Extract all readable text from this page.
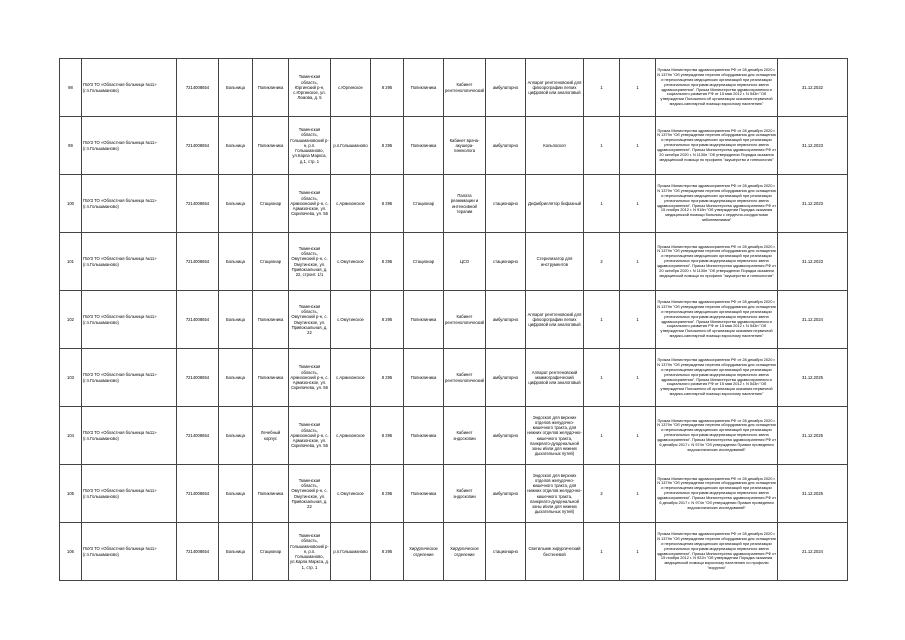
98	ГБУЗ ТО «Областная больница №11» (г.п.Голышманово)	7214008654	Больница	Поликлиника	Тюменская область, Юргинский р-н, с.Юргинское, ул. Ломова, д. 5	с.Юргинское	8 295	Поликлиника	Кабинет рентгенологический	амбулаторно	Аппарат рентгеновский для флюорографии легких цифровой или аналоговый	1	1	Приказ Министерства здравоохранения РФ от 28 декабря 2020 г. N 1379н "Об утверждении перечня оборудования для оснащения и переоснащения медицинских организаций при реализации региональных программ модернизации первичного звена здравоохранения". Приказ Министерства здравоохранения и социального развития РФ от 15 мая 2012 г. N 543н "Об утверждении Положения об организации оказания первичной медико-санитарной помощи взрослому населению"	31.12.2022
99	ГБУЗ ТО «Областная больница №11» (г.п.Голышманово)	7214008654	Больница	Поликлиника	Тюменская область, Голышмановский р-н, р.п. Голышманово, ул.Карла Маркса, д.1, стр. 1	р.п.Голышманово	8 295	Поликлиника	Кабинет врача-акушера-гинеколога	амбулаторно	Кольпоскоп	1	1	Приказ Министерства здравоохранения РФ от 28 декабря 2020 г. N 1379н "Об утверждении перечня оборудования для оснащения и переоснащения медицинских организаций при реализации региональных программ модернизации первичного звена здравоохранения". Приказ Министерства здравоохранения РФ от 20 октября 2020 г. N 1130н "Об утверждении Порядка оказания медицинской помощи по профилю "акушерство и гинекология"	31.12.2023
100	ГБУЗ ТО «Областная больница №11» (г.п.Голышманово)	7214008654	Больница	Стационар	Тюменская область, Армизонский р-н, с. Армизонское, ул. Скрипачева, ул. 56	с.Армизонское	8 295	Стационар	Палата реанимации и интенсивной терапии	стационарно	Дефибриллятор бифазный	1	1	Приказ Министерства здравоохранения РФ от 28 декабря 2020 г. N 1379н "Об утверждении перечня оборудования для оснащения и переоснащения медицинских организаций при реализации региональных программ модернизации первичного звена здравоохранения". Приказ Министерства здравоохранения РФ от 15 ноября 2012 г. N 918н "Об утверждении Порядка оказания медицинской помощи больным с сердечно-сосудистыми заболеваниями"	31.12.2023
101	ГБУЗ ТО «Областная больница №11» (г.п.Голышманово)	7214008654	Больница	Стационар	Тюменская область, Омутинский р-н, с. Омутинское, ул. Привокзальная, д. 22, строит. 1/1	с.Омутинское	8 295	Стационар	ЦСО	стационарно	Стерилизатор для инструментов	2	1	Приказ Министерства здравоохранения РФ от 28 декабря 2020 г. N 1379н "Об утверждении перечня оборудования для оснащения и переоснащения медицинских организаций при реализации региональных программ модернизации первичного звена здравоохранения". Приказ Министерства здравоохранения РФ от 20 октября 2020 г. N 1130н "Об утверждении Порядка оказания медицинской помощи по профилю "акушерство и гинекология"	31.12.2023
102	ГБУЗ ТО «Областная больница №11» (г.п.Голышманово)	7214008654	Больница	Поликлиника	Тюменская область, Омутинский р-н, с. Омутинское, ул. Привокзальная, д. 22	с.Омутинское	8 295	Поликлиника	Кабинет рентгенологический	амбулаторно	Аппарат рентгеновский для флюорографии легких цифровой или аналоговый	1	1	Приказ Министерства здравоохранения РФ от 28 декабря 2020 г. N 1379н "Об утверждении перечня оборудования для оснащения и переоснащения медицинских организаций при реализации региональных программ модернизации первичного звена здравоохранения". Приказ Министерства здравоохранения и социального развития РФ от 15 мая 2012 г. N 543н "Об утверждении Положения об организации оказания первичной медико-санитарной помощи взрослому населению"	31.12.2024
103	ГБУЗ ТО «Областная больница №11» (г.п.Голышманово)	7214008654	Больница	Поликлиника	Тюменская область, Армизонский р-н, с. Армизонское, ул. Скрипачева, ул. 56	с.Армизонское	8 295	Поликлиника	Кабинет рентгенологический	амбулаторно	Аппарат рентгеновский маммографический цифровой или аналоговый	1	1	Приказ Министерства здравоохранения РФ от 28 декабря 2020 г. N 1379н "Об утверждении перечня оборудования для оснащения и переоснащения медицинских организаций при реализации региональных программ модернизации первичного звена здравоохранения". Приказ Министерства здравоохранения и социального развития РФ от 15 мая 2012 г. N 543н "Об утверждении Положения об организации оказания первичной медико-санитарной помощи взрослому населению"	31.12.2025
104	ГБУЗ ТО «Областная больница №11» (г.п.Голышманово)	7214008654	Больница	Лечебный корпус	Тюменская область, Армизонский р-н, с. Армизонское, ул. Скрипачева, ул. 56	с.Армизонское	8 295	Поликлиника	Кабинет эндоскопии	амбулаторно	Эндоскоп для верхних отделов желудочно-кишечного тракта, для нижних отделов желудочно-кишечного тракта, панкреато-дуоденальной зоны и/или для нижних дыхательных путей)	1	1	Приказ Министерства здравоохранения РФ от 28 декабря 2020 г. N 1379н "Об утверждении перечня оборудования для оснащения и переоснащения медицинских организаций при реализации региональных программ модернизации первичного звена здравоохранения". Приказ Министерства здравоохранения РФ от 6 декабря 2017 г. N 974н "Об утверждении Правил проведения эндоскопических исследований"	31.12.2025
105	ГБУЗ ТО «Областная больница №11» (г.п.Голышманово)	7214008654	Больница	Поликлиника	Тюменская область, Омутинский р-н, с. Омутинское, ул. Привокзальная, д. 22	с.Омутинское	8 295	Поликлиника	Кабинет эндоскопии	амбулаторно	Эндоскоп для верхних отделов желудочно-кишечного тракта, для нижних отделов желудочно-кишечного тракта, панкреато-дуоденальной зоны и/или для нижних дыхательных путей)	2	1	Приказ Министерства здравоохранения РФ от 28 декабря 2020 г. N 1379н "Об утверждении перечня оборудования для оснащения и переоснащения медицинских организаций при реализации региональных программ модернизации первичного звена здравоохранения". Приказ Министерства здравоохранения РФ от 6 декабря 2017 г. N 974н "Об утверждении Правил проведения эндоскопических исследований"	31.12.2025
106	ГБУЗ ТО «Областная больница №11» (г.п.Голышманово)	7214008654	Больница	Стационар	Тюменская область, Голышмановский р-н, р.п. Голышманово, ул.Карла Маркса, д. 1, стр. 1	р.п.Голышманово	8 295	Хирургическое отделение	Хирургическое отделение	стационарно	Светильник хирургический бестеневой	1	1	Приказ Министерства здравоохранения РФ от 28 декабря 2020 г. N 1379н "Об утверждении перечня оборудования для оснащения и переоснащения медицинских организаций при реализации региональных программ модернизации первичного звена здравоохранения". Приказ Министерства здравоохранения РФ от 15 ноября 2012 г. N 922н "Об утверждении Порядка оказания медицинской помощи взрослому населению по профилю "хирургия"	21.12.2024
